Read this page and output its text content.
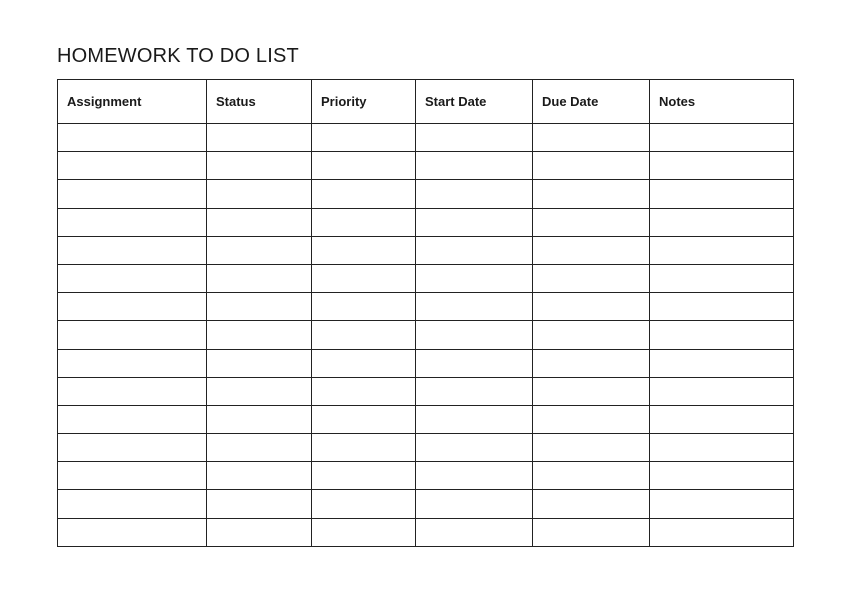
HOMEWORK TO DO LIST
Assignment	Status	Priority	Start Date	Due Date	Notes
